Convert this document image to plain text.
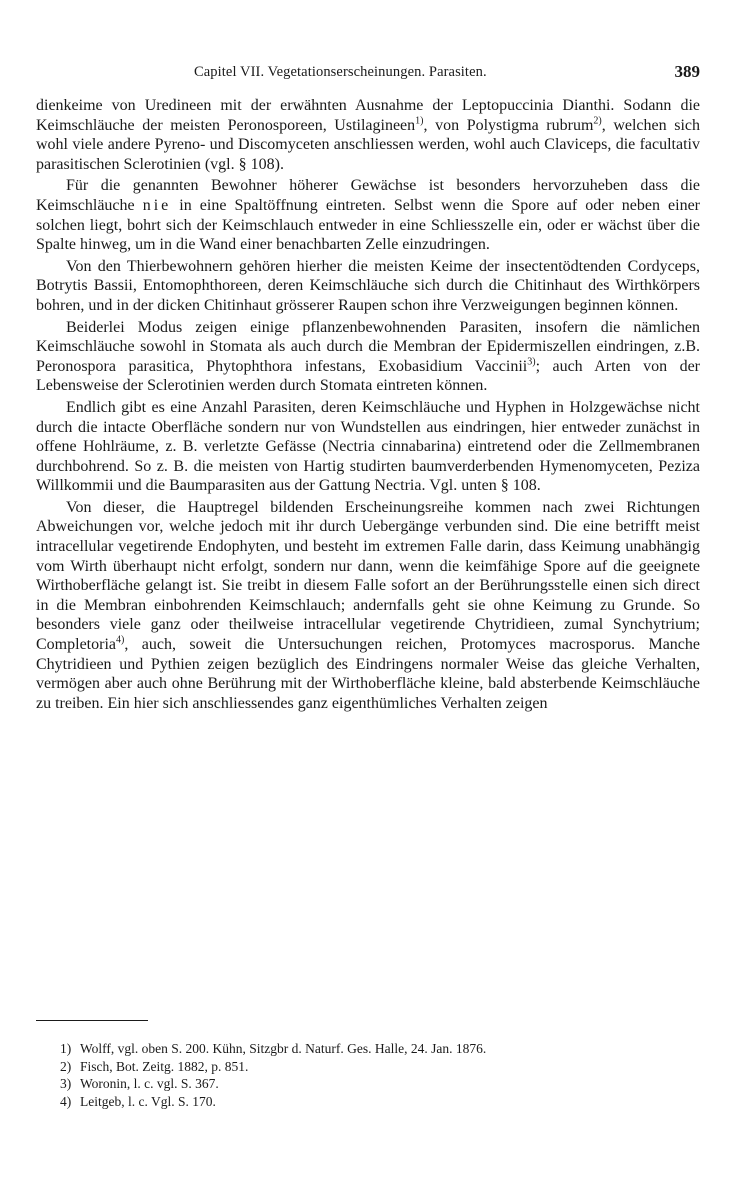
Capitel VII. Vegetationserscheinungen. Parasiten.	389

dienkeime von Uredineen mit der erwähnten Ausnahme der Leptopuccinia Dianthi. Sodann die Keimschläuche der meisten Peronosporeen, Ustilagineen$^{1)}$, von Polystigma rubrum$^{2)}$, welchen sich wohl viele andere Pyreno- und Discomyceten anschliessen werden, wohl auch Claviceps, die facultativ parasitischen Sclerotinien (vgl. § 108).

Für die genannten Bewohner höherer Gewächse ist besonders hervorzuheben dass die Keimschläuche nie in eine Spaltöffnung eintreten. Selbst wenn die Spore auf oder neben einer solchen liegt, bohrt sich der Keimschlauch entweder in eine Schliesszelle ein, oder er wächst über die Spalte hinweg, um in die Wand einer benachbarten Zelle einzudringen.

Von den Thierbewohnern gehören hierher die meisten Keime der insectentödtenden Cordyceps, Botrytis Bassii, Entomophthoreen, deren Keimschläuche sich durch die Chitinhaut des Wirthkörpers bohren, und in der dicken Chitinhaut grösserer Raupen schon ihre Verzweigungen beginnen können.

Beiderlei Modus zeigen einige pflanzenbewohnenden Parasiten, insofern die nämlichen Keimschläuche sowohl in Stomata als auch durch die Membran der Epidermiszellen eindringen, z.B. Peronospora parasitica, Phytophthora infestans, Exobasidium Vaccinii$^{3)}$; auch Arten von der Lebensweise der Sclerotinien werden durch Stomata eintreten können.

Endlich gibt es eine Anzahl Parasiten, deren Keimschläuche und Hyphen in Holzgewächse nicht durch die intacte Oberfläche sondern nur von Wundstellen aus eindringen, hier entweder zunächst in offene Hohlräume, z. B. verletzte Gefässe (Nectria cinnabarina) eintretend oder die Zellmembranen durchbohrend. So z. B. die meisten von Hartig studirten baumverderbenden Hymenomyceten, Peziza Willkommii und die Baumparasiten aus der Gattung Nectria. Vgl. unten § 108.

Von dieser, die Hauptregel bildenden Erscheinungsreihe kommen nach zwei Richtungen Abweichungen vor, welche jedoch mit ihr durch Uebergänge verbunden sind. Die eine betrifft meist intracellular vegetirende Endophyten, und besteht im extremen Falle darin, dass Keimung unabhängig vom Wirth überhaupt nicht erfolgt, sondern nur dann, wenn die keimfähige Spore auf die geeignete Wirthoberfläche gelangt ist. Sie treibt in diesem Falle sofort an der Berührungsstelle einen sich direct in die Membran einbohrenden Keimschlauch; andernfalls geht sie ohne Keimung zu Grunde. So besonders viele ganz oder theilweise intracellular vegetirende Chytridieen, zumal Synchytrium; Completoria$^{4)}$, auch, soweit die Untersuchungen reichen, Protomyces macrosporus. Manche Chytridieen und Pythien zeigen bezüglich des Eindringens normaler Weise das gleiche Verhalten, vermögen aber auch ohne Berührung mit der Wirthoberfläche kleine, bald absterbende Keimschläuche zu treiben. Ein hier sich anschliessendes ganz eigenthümliches Verhalten zeigen

1) Wolff, vgl. oben S. 200. Kühn, Sitzgbr d. Naturf. Ges. Halle, 24. Jan. 1876.
2) Fisch, Bot. Zeitg. 1882, p. 851.
3) Woronin, l. c. vgl. S. 367.
4) Leitgeb, l. c. Vgl. S. 170.
